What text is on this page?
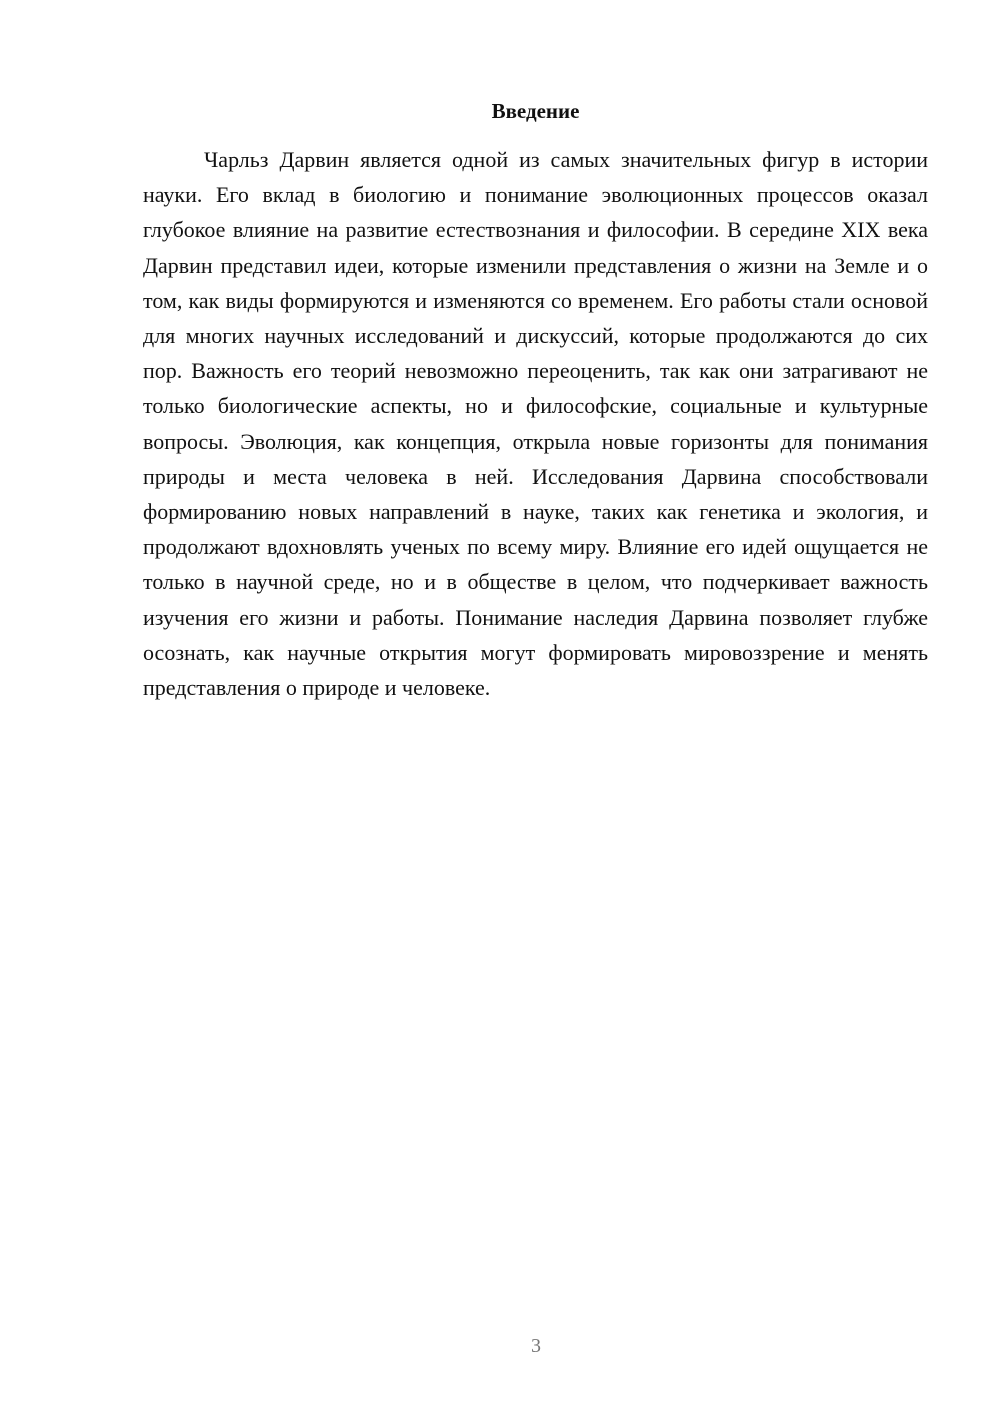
Введение

Чарльз Дарвин является одной из самых значительных фигур в истории науки. Его вклад в биологию и понимание эволюционных процессов оказал глубокое влияние на развитие естествознания и философии. В середине XIX века Дарвин представил идеи, которые изменили представления о жизни на Земле и о том, как виды формируются и изменяются со временем. Его работы стали основой для многих научных исследований и дискуссий, которые продолжаются до сих пор. Важность его теорий невозможно переоценить, так как они затрагивают не только биологические аспекты, но и философские, социальные и культурные вопросы. Эволюция, как концепция, открыла новые горизонты для понимания природы и места человека в ней. Исследования Дарвина способствовали формированию новых направлений в науке, таких как генетика и экология, и продолжают вдохновлять ученых по всему миру. Влияние его идей ощущается не только в научной среде, но и в обществе в целом, что подчеркивает важность изучения его жизни и работы. Понимание наследия Дарвина позволяет глубже осознать, как научные открытия могут формировать мировоззрение и менять представления о природе и человеке.

3
